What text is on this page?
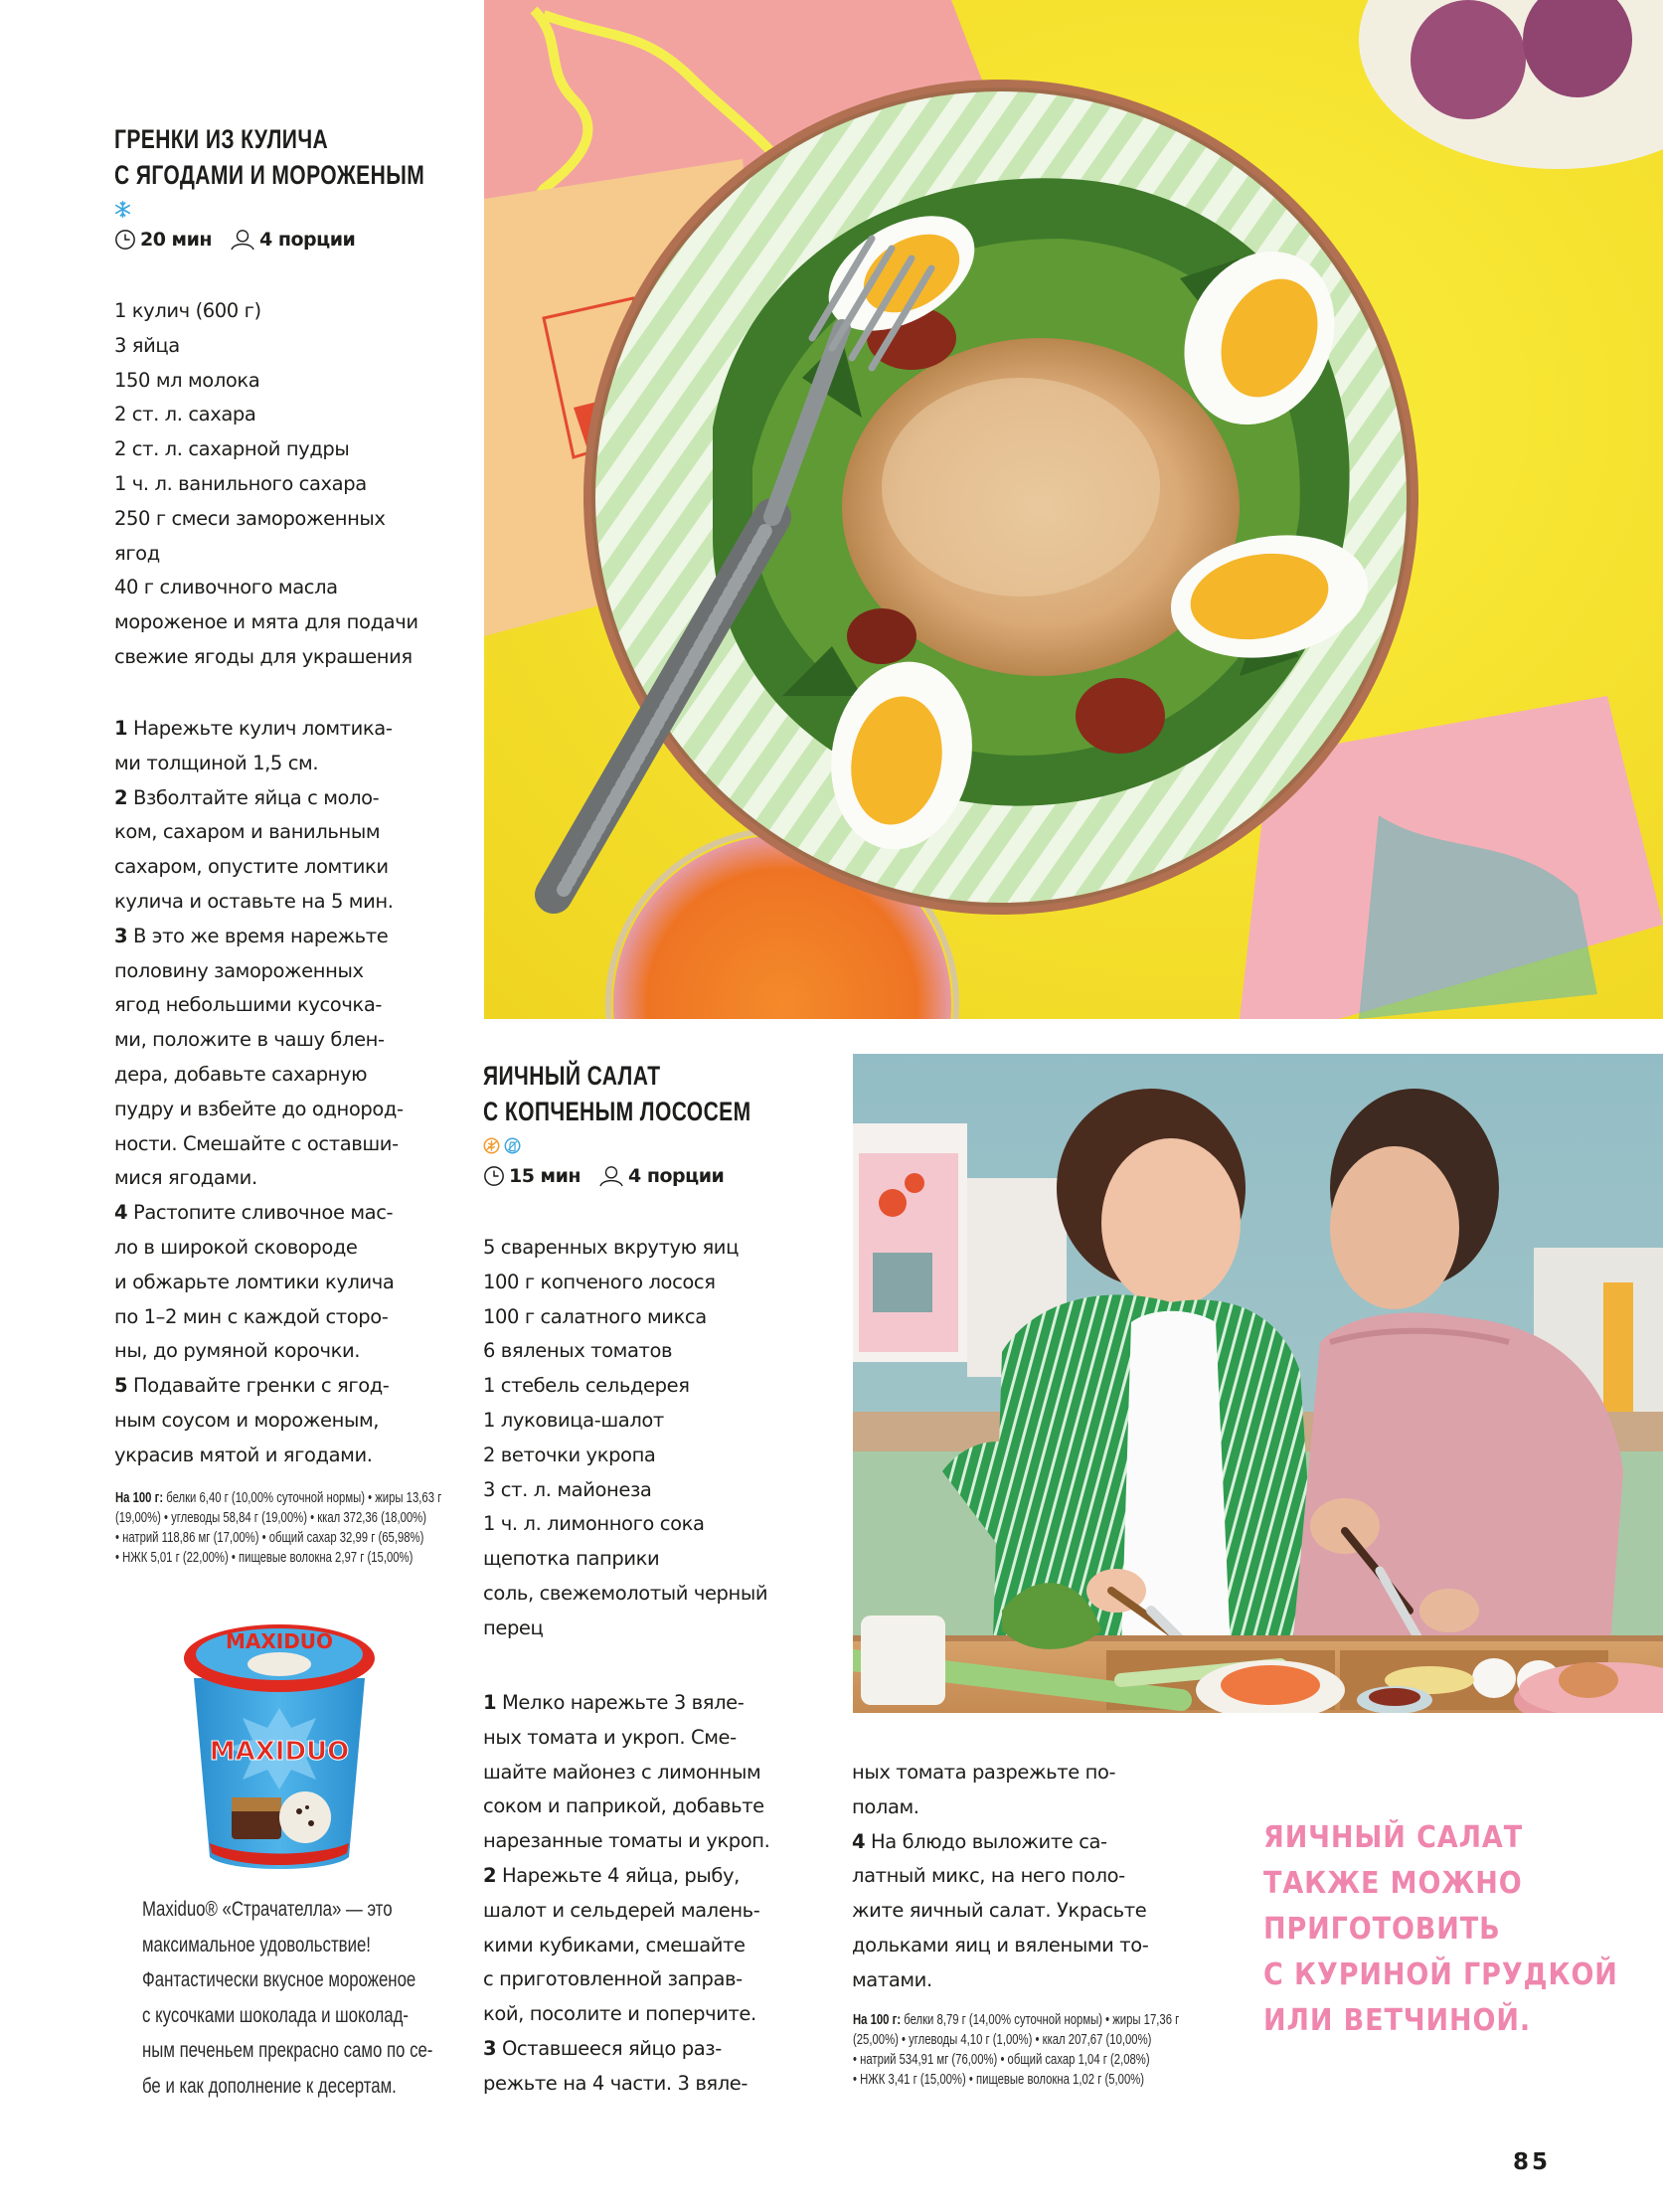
ГРЕНКИ ИЗ КУЛИЧА
С ЯГОДАМИ И МОРОЖЕНЫМ
20 мин	4 порции
1 кулич (600 г)
3 яйца
150 мл молока
2 ст. л. сахара
2 ст. л. сахарной пудры
1 ч. л. ванильного сахара
250 г смеси замороженных
ягод
40 г сливочного масла
мороженое и мята для подачи
свежие ягоды для украшения
1 Нарежьте кулич ломтика-
ми толщиной 1,5 см.
2 Взболтайте яйца с моло-
ком, сахаром и ванильным
сахаром, опустите ломтики
кулича и оставьте на 5 мин.
3 В это же время нарежьте
половину замороженных
ягод небольшими кусочка-
ми, положите в чашу блен-
дера, добавьте сахарную
пудру и взбейте до однород-
ности. Смешайте с оставши-
мися ягодами.
4 Растопите сливочное мас-
ло в широкой сковороде
и обжарьте ломтики кулича
по 1–2 мин с каждой сторо-
ны, до румяной корочки.
5 Подавайте гренки с ягод-
ным соусом и мороженым,
украсив мятой и ягодами.
На 100 г: белки 6,40 г (10,00% суточной нормы) • жиры 13,63 г
(19,00%) • углеводы 58,84 г (19,00%) • ккал 372,36 (18,00%)
• натрий 118,86 мг (17,00%) • общий сахар 32,99 г (65,98%)
• НЖК 5,01 г (22,00%) • пищевые волокна 2,97 г (15,00%)
MAXIDUO
MAXIDUO
Maxiduo® «Страчателла» — это
максимальное удовольствие!
Фантастически вкусное мороженое
с кусочками шоколада и шоколад-
ным печеньем прекрасно само по се-
бе и как дополнение к десертам.
ЯИЧНЫЙ САЛАТ
С КОПЧЕНЫМ ЛОСОСЕМ
15 мин	4 порции
5 сваренных вкрутую яиц
100 г копченого лосося
100 г салатного микса
6 вяленых томатов
1 стебель сельдерея
1 луковица-шалот
2 веточки укропа
3 ст. л. майонеза
1 ч. л. лимонного сока
щепотка паприки
соль, свежемолотый черный
перец
1 Мелко нарежьте 3 вяле-
ных томата и укроп. Сме-
шайте майонез с лимонным
соком и паприкой, добавьте
нарезанные томаты и укроп.
2 Нарежьте 4 яйца, рыбу,
шалот и сельдерей малень-
кими кубиками, смешайте
с приготовленной заправ-
кой, посолите и поперчите.
3 Оставшееся яйцо раз-
режьте на 4 части. 3 вяле-
ных томата разрежьте по-
полам.
4 На блюдо выложите са-
латный микс, на него поло-
жите яичный салат. Украсьте
дольками яиц и вялеными то-
матами.
На 100 г: белки 8,79 г (14,00% суточной нормы) • жиры 17,36 г
(25,00%) • углеводы 4,10 г (1,00%) • ккал 207,67 (10,00%)
• натрий 534,91 мг (76,00%) • общий сахар 1,04 г (2,08%)
• НЖК 3,41 г (15,00%) • пищевые волокна 1,02 г (5,00%)
ЯИЧНЫЙ САЛАТ
ТАКЖЕ МОЖНО
ПРИГОТОВИТЬ
С КУРИНОЙ ГРУДКОЙ
ИЛИ ВЕТЧИНОЙ.
85
